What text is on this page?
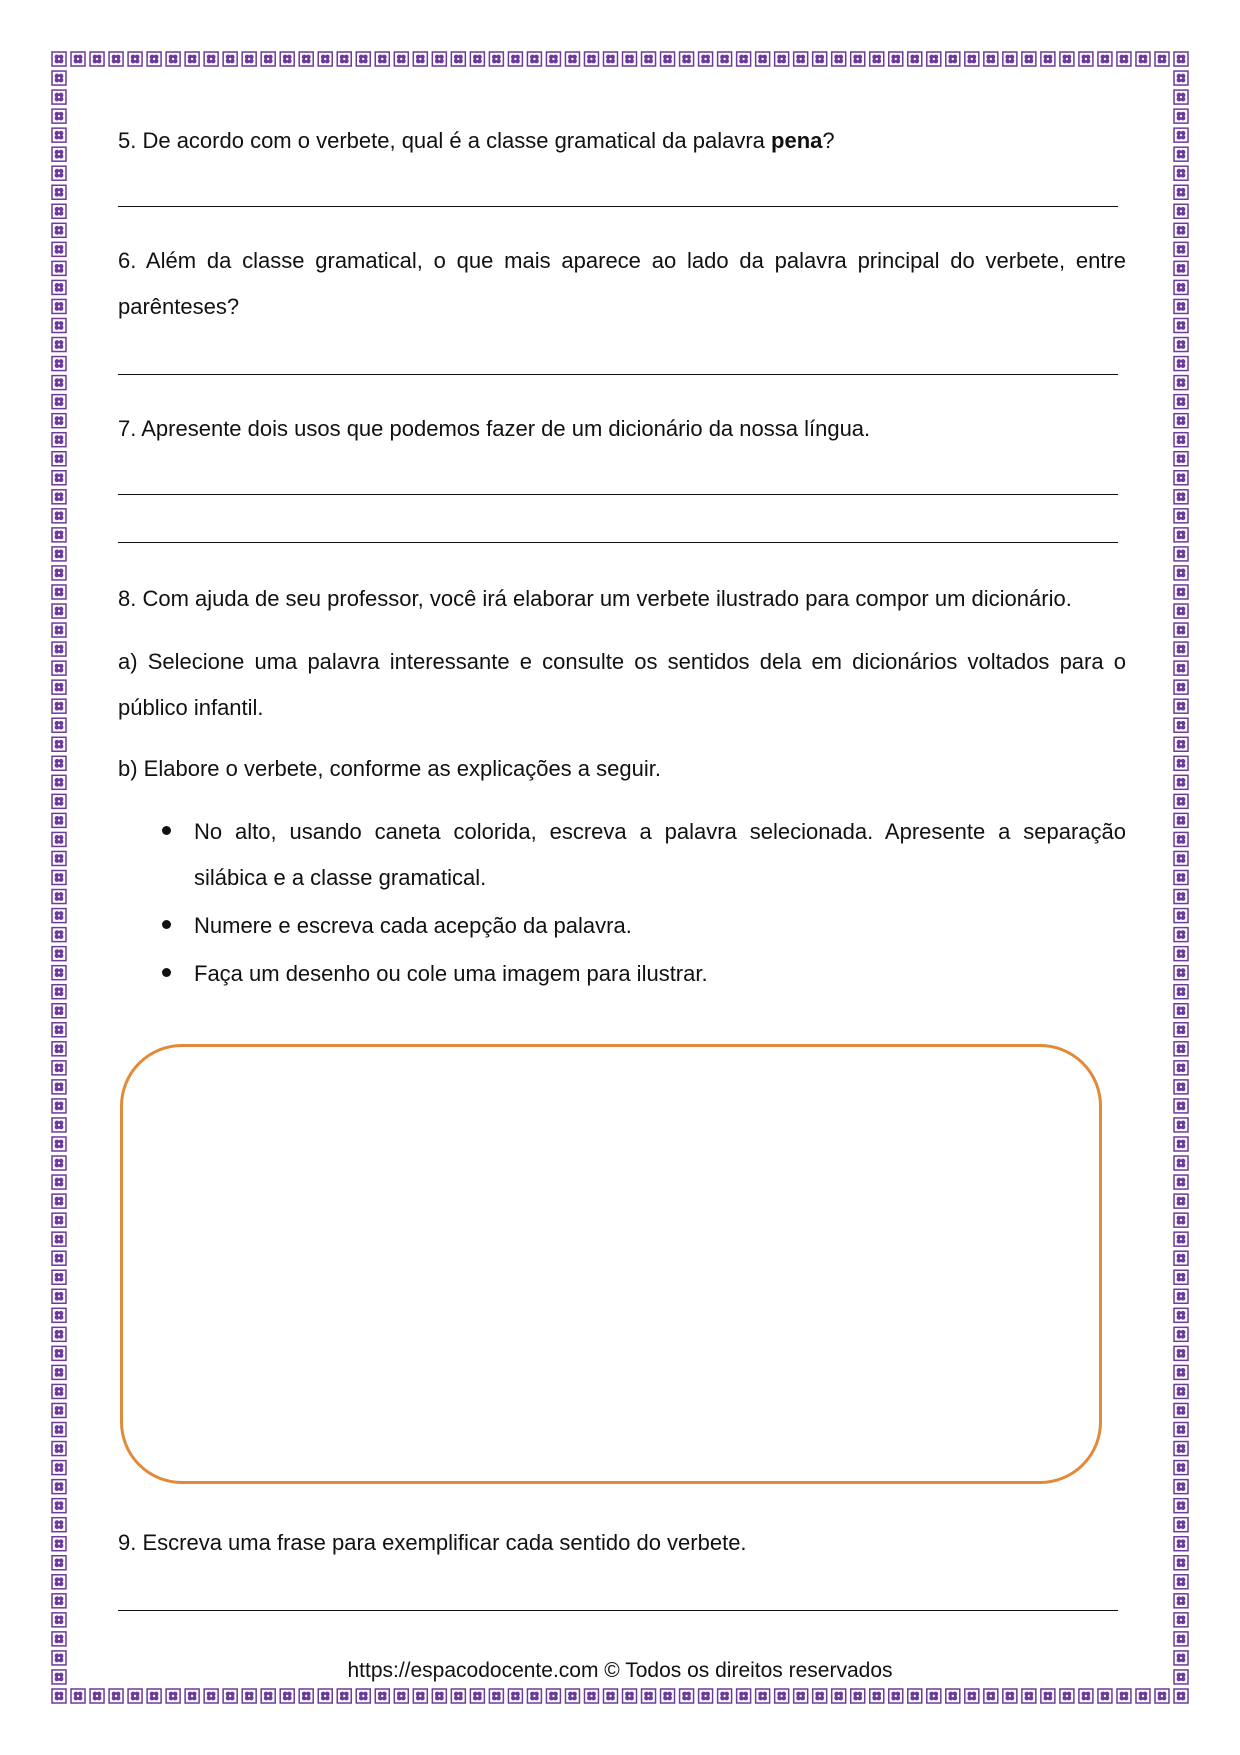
5. De acordo com o verbete, qual é a classe gramatical da palavra pena?
6. Além da classe gramatical, o que mais aparece ao lado da palavra principal do verbete, entre parênteses?
7. Apresente dois usos que podemos fazer de um dicionário da nossa língua.
8. Com ajuda de seu professor, você irá elaborar um verbete ilustrado para compor um dicionário.
a) Selecione uma palavra interessante e consulte os sentidos dela em dicionários voltados para o público infantil.
b) Elabore o verbete, conforme as explicações a seguir.
No alto, usando caneta colorida, escreva a palavra selecionada. Apresente a separação silábica e a classe gramatical.
Numere e escreva cada acepção da palavra.
Faça um desenho ou cole uma imagem para ilustrar.
9. Escreva uma frase para exemplificar cada sentido do verbete.
https://espacodocente.com © Todos os direitos reservados
